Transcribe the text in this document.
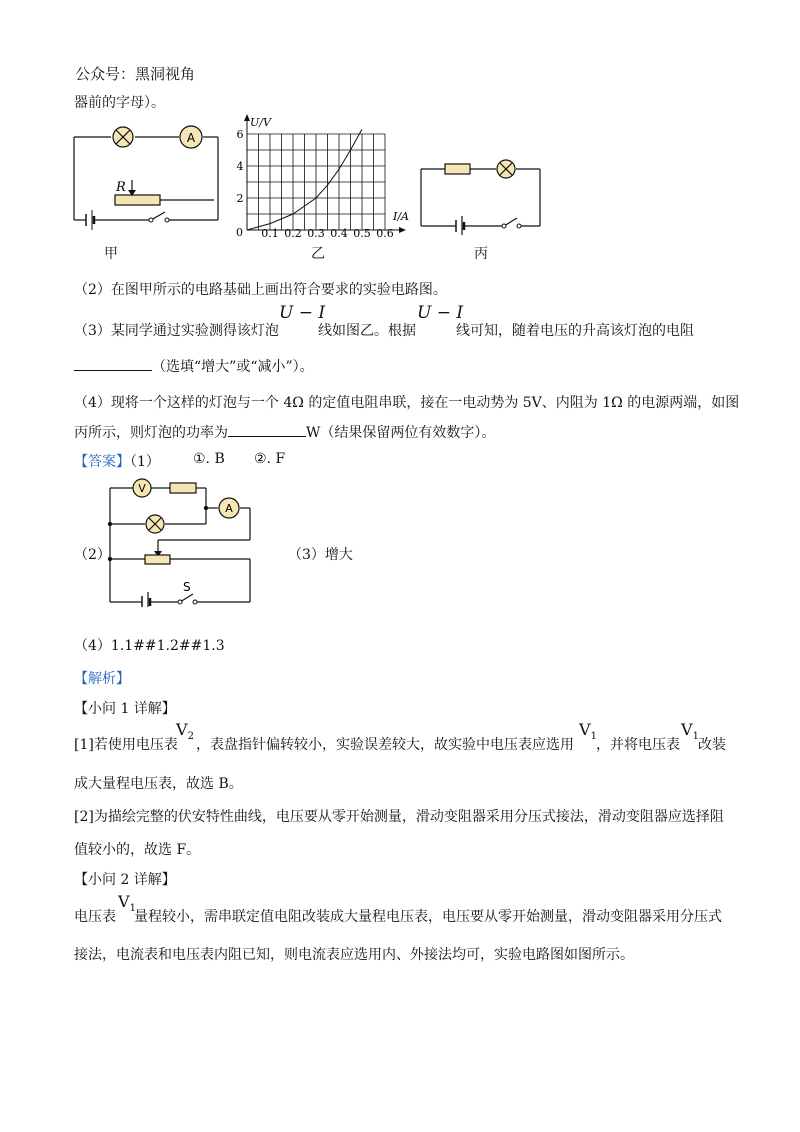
公众号：黑洞视角
器前的字母）。
A
R
甲
0.1 0.2 0.3 0.4 0.5 0.6
2
4
6
U/V
I/A
0
乙	丙
（2）在图甲所示的电路基础上画出符合要求的实验电路图。
（3）某同学通过实验测得该灯泡
U − I
线如图乙。根据
U − I
线可知，随着电压的升高该灯泡的电阻
（选填“增大”或“减小”）。
（4）现将一个这样的灯泡与一个 4Ω 的定值电阻串联，接在一电动势为 5V、内阻为 1Ω 的电源两端，如图
丙所示，则灯泡的功率为	W（结果保留两位有效数字）。
【答案】（1） ①. B ②. F
V
A
S
（2）	（3）增大
（4）1.1##1.2##1.3
【解析】
【小问 1 详解】
[1]若使用电压表
$V_2$
，表盘指针偏转较小，实验误差较大，故实验中电压表应选用
$V_1$
，并将电压表
$V_1$
改装
成大量程电压表，故选 B。
[2]为描绘完整的伏安特性曲线，电压要从零开始测量，滑动变阻器采用分压式接法，滑动变阻器应选择阻
值较小的，故选 F。
【小问 2 详解】
电压表
$V_1$
量程较小，需串联定值电阻改装成大量程电压表，电压要从零开始测量，滑动变阻器采用分压式
接法，电流表和电压表内阻已知，则电流表应选用内、外接法均可，实验电路图如图所示。
